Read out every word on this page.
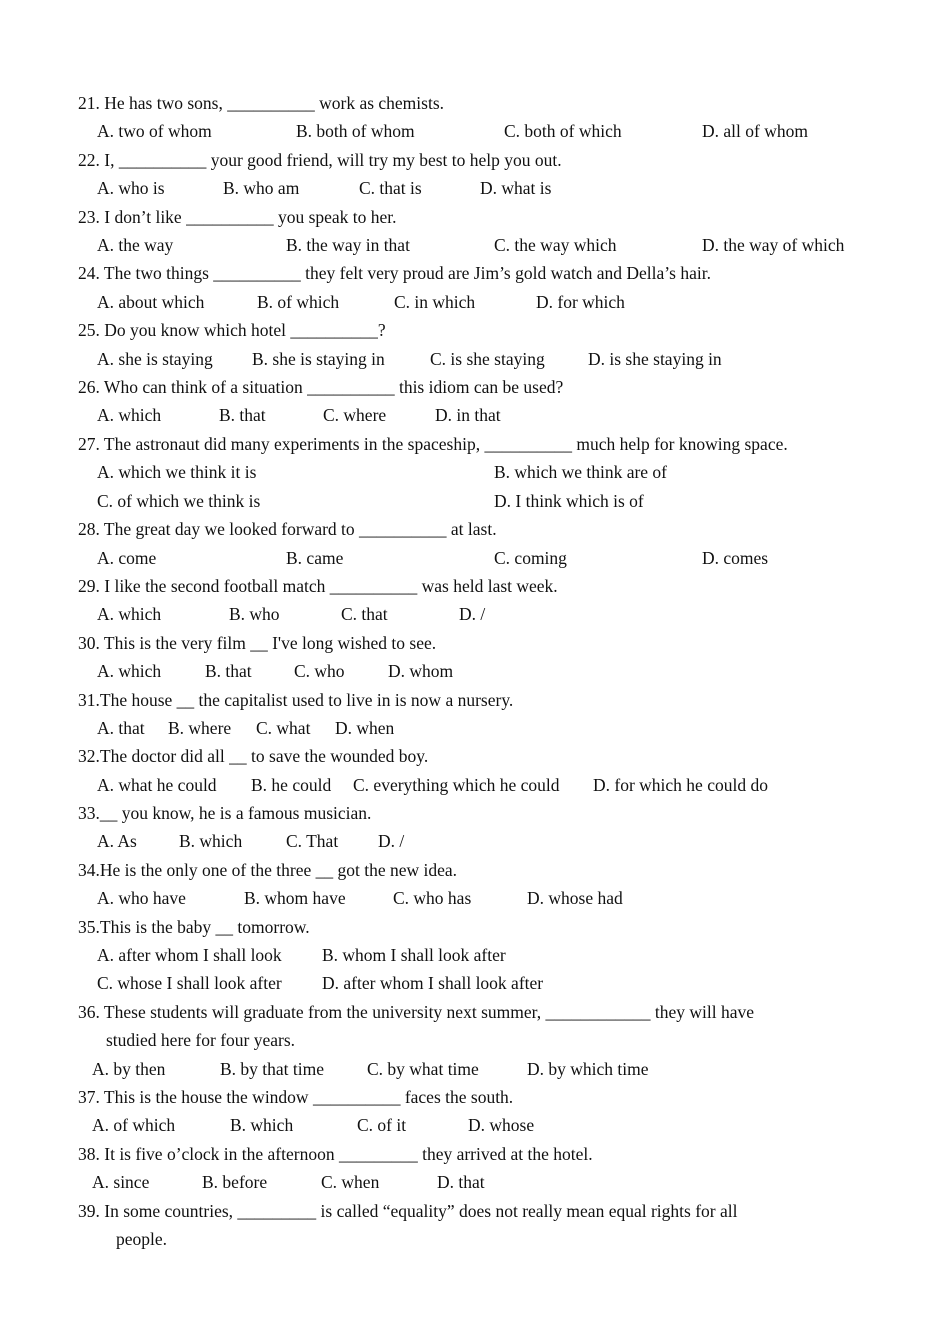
21. He has two sons, __________ work as chemists.

A. two of whom

	B. both of whom

	C. both of which

	D. all of whom

22. I, __________ your good friend, will try my best to help you out.

A. who is

	B. who am

	C. that is

	D. what is

23. I don’t like __________ you speak to her.

A. the way

	B. the way in that

	C. the way which

	D. the way of which

24. The two things __________ they felt very proud are Jim’s gold watch and Della’s hair.

A. about which

	B. of which

	C. in which

	D. for which

25. Do you know which hotel __________?

A. she is staying

B. she is staying in

	C. is she staying

D. is she staying in

26. Who can think of a situation __________ this idiom can be used?

A. which

	B. that

	C. where

	D. in that

27. The astronaut did many experiments in the spaceship, __________ much help for knowing space.

A. which we think it is

	B. which we think are of

C. of which we think is

	D. I think which is of

28. The great day we looked forward to __________ at last.

A. come

	B. came

	C. coming

	D. comes

29. I like the second football match __________ was held last week.

A. which

	B. who

	C. that

	D. /

30. This is the very film __ I've long wished to see.

A. which

	B. that

C. who

D. whom

31.The house __ the capitalist used to live in is now a nursery.

A. that

B. where

C. what

D. when

32.The doctor did all __ to save the wounded boy.

A. what he could

B. he could

C. everything which he could

D. for which he could do

33.__ you know, he is a famous musician.

A. As

B. which

	C. That

D. /

34.He is the only one of the three __ got the new idea.

A. who have

	B. whom have

	C. who has

	D. whose had

35.This is the baby __ tomorrow.

A. after whom I shall look

B. whom I shall look after

C. whose I shall look after

D. after whom I shall look after

36. These students will graduate from the university next summer, ____________ they will have
studied here for four years.

A. by then

	B. by that time

C. by what time

	D. by which time

37. This is the house the window __________ faces the south.

A. of which

	B. which

	C. of it

	D. whose

38. It is five o’clock in the afternoon _________ they arrived at the hotel.

A. since

	B. before

	C. when

	D. that

39. In some countries, _________ is called “equality” does not really mean equal rights for all
people.
